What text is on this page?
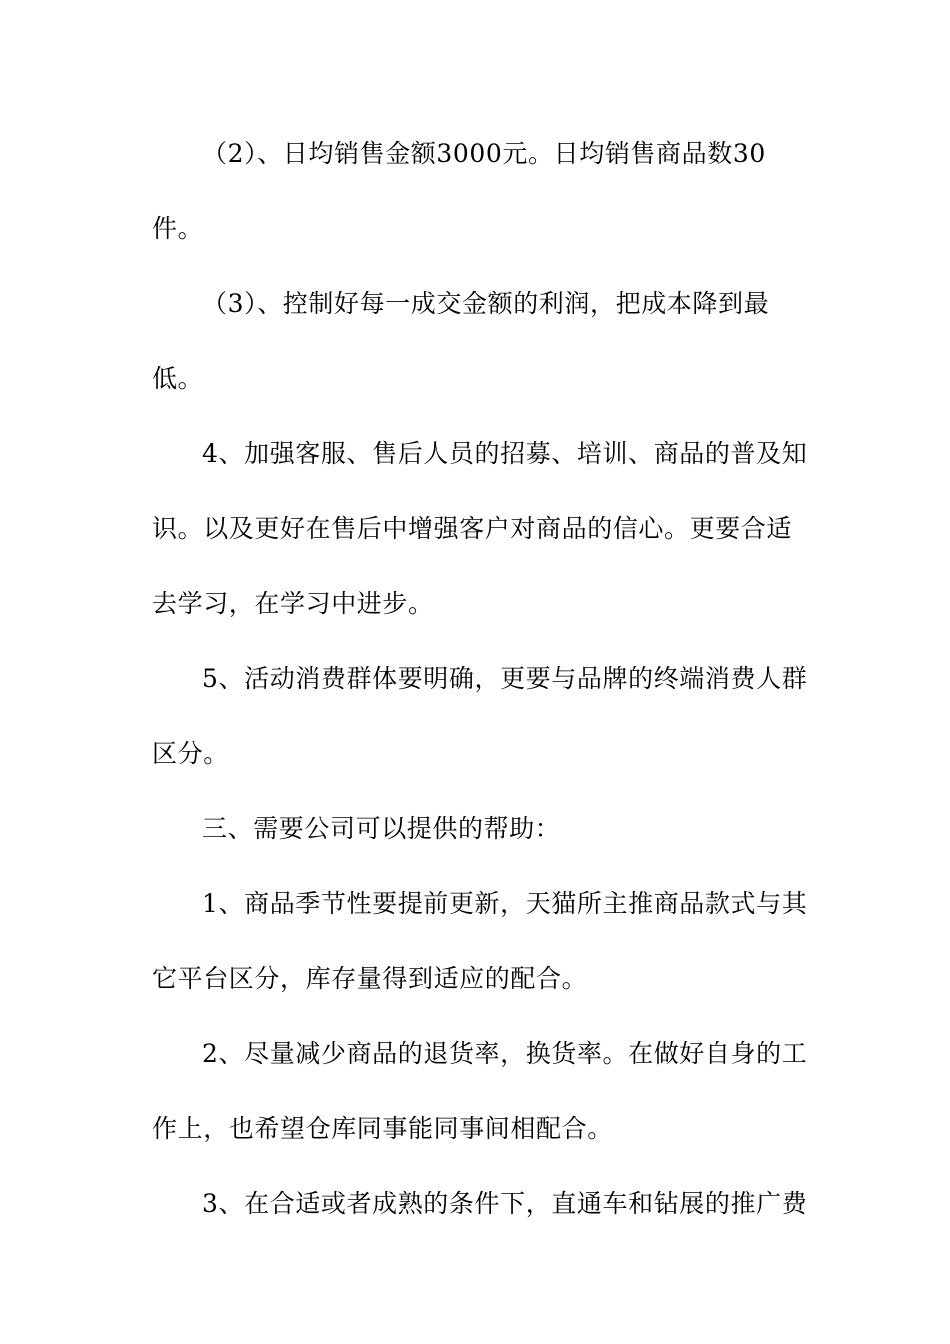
（2）、日均销售金额3000元。日均销售商品数30
件。
（3）、控制好每一成交金额的利润，把成本降到最
低。
4、加强客服、售后人员的招募、培训、商品的普及知
识。以及更好在售后中增强客户对商品的信心。更要合适
去学习，在学习中进步。
5、活动消费群体要明确，更要与品牌的终端消费人群
区分。
三、需要公司可以提供的帮助：
1、商品季节性要提前更新，天猫所主推商品款式与其
它平台区分，库存量得到适应的配合。
2、尽量减少商品的退货率，换货率。在做好自身的工
作上，也希望仓库同事能同事间相配合。
3、在合适或者成熟的条件下，直通车和钻展的推广费
